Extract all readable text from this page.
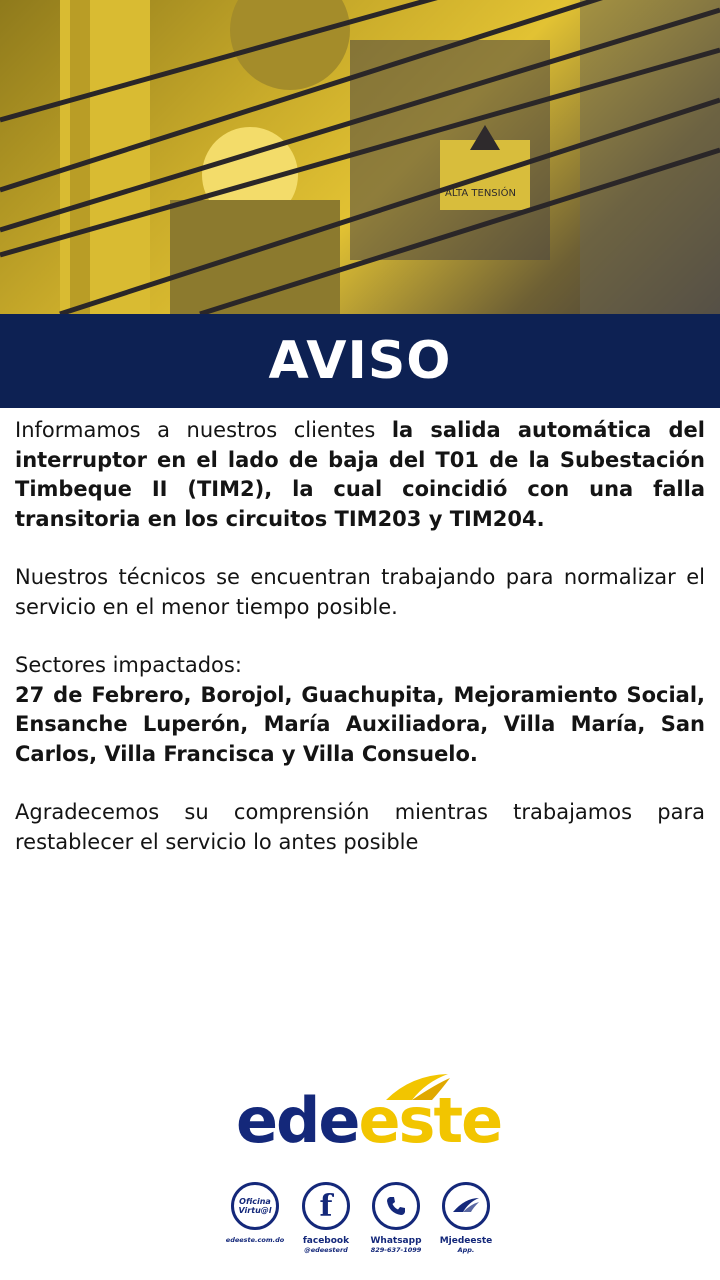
ALTA TENSIÓN
AVISO

Informamos a nuestros clientes la salida automática del interruptor en el lado de baja del T01 de la Subestación Timbeque II (TIM2), la cual coincidió con una falla transitoria en los circuitos TIM203 y TIM204.

Nuestros técnicos se encuentran trabajando para normalizar el servicio en el menor tiempo posible.

Sectores impactados:
27 de Febrero, Borojol, Guachupita, Mejoramiento Social, Ensanche Luperón, María Auxiliadora, Villa María, San Carlos, Villa Francisca y Villa Consuelo.

Agradecemos su comprensión mientras trabajamos para restablecer el servicio lo antes posible

edeeste
Oficina
Virtu@l
edeeste.com.do
f
facebook
@edeesterd
Whatsapp
829-637-1099
Mjedeeste
App.
